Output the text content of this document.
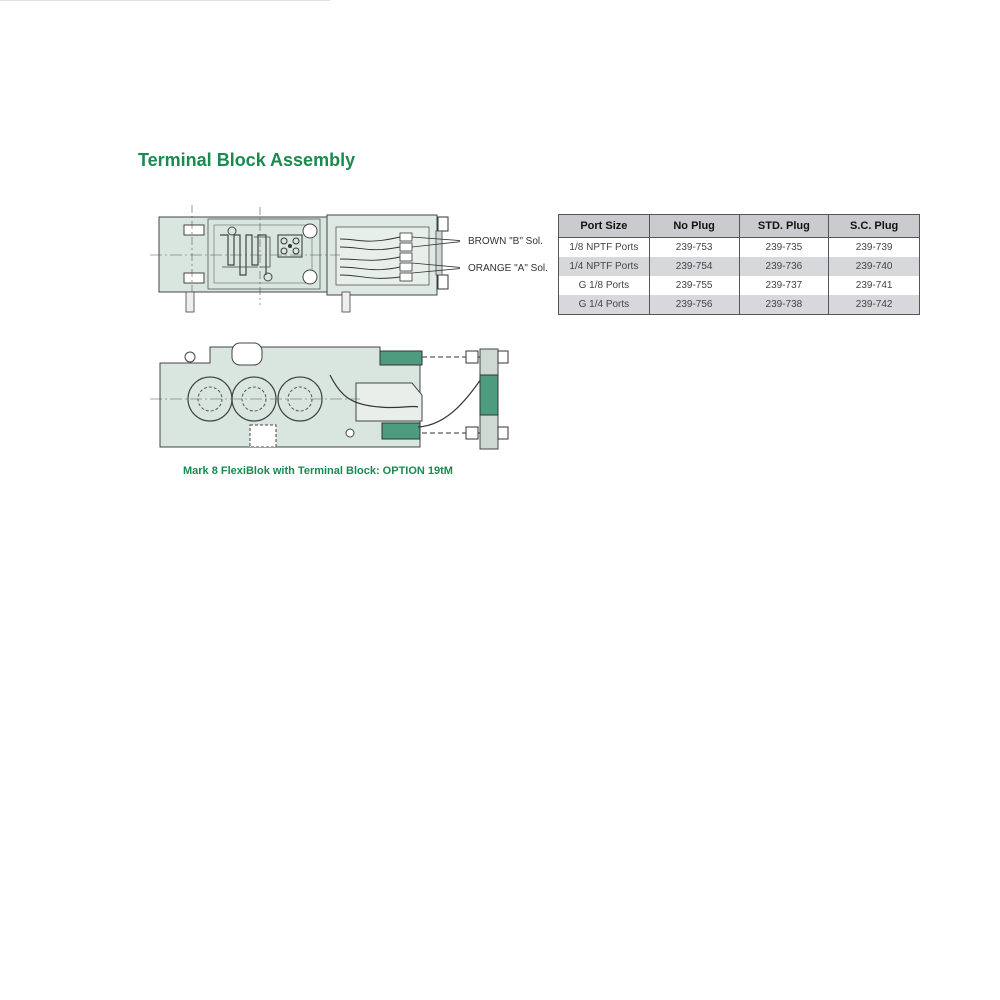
Terminal Block Assembly
BROWN "B" Sol.
ORANGE "A" Sol.
Mark 8 FlexiBlok with Terminal Block: OPTION 19tM
Port Size	No Plug	STD. Plug	S.C. Plug
1/8 NPTF Ports	239-753	239-735	239-739
1/4 NPTF Ports	239-754	239-736	239-740
G 1/8 Ports	239-755	239-737	239-741
G 1/4 Ports	239-756	239-738	239-742
